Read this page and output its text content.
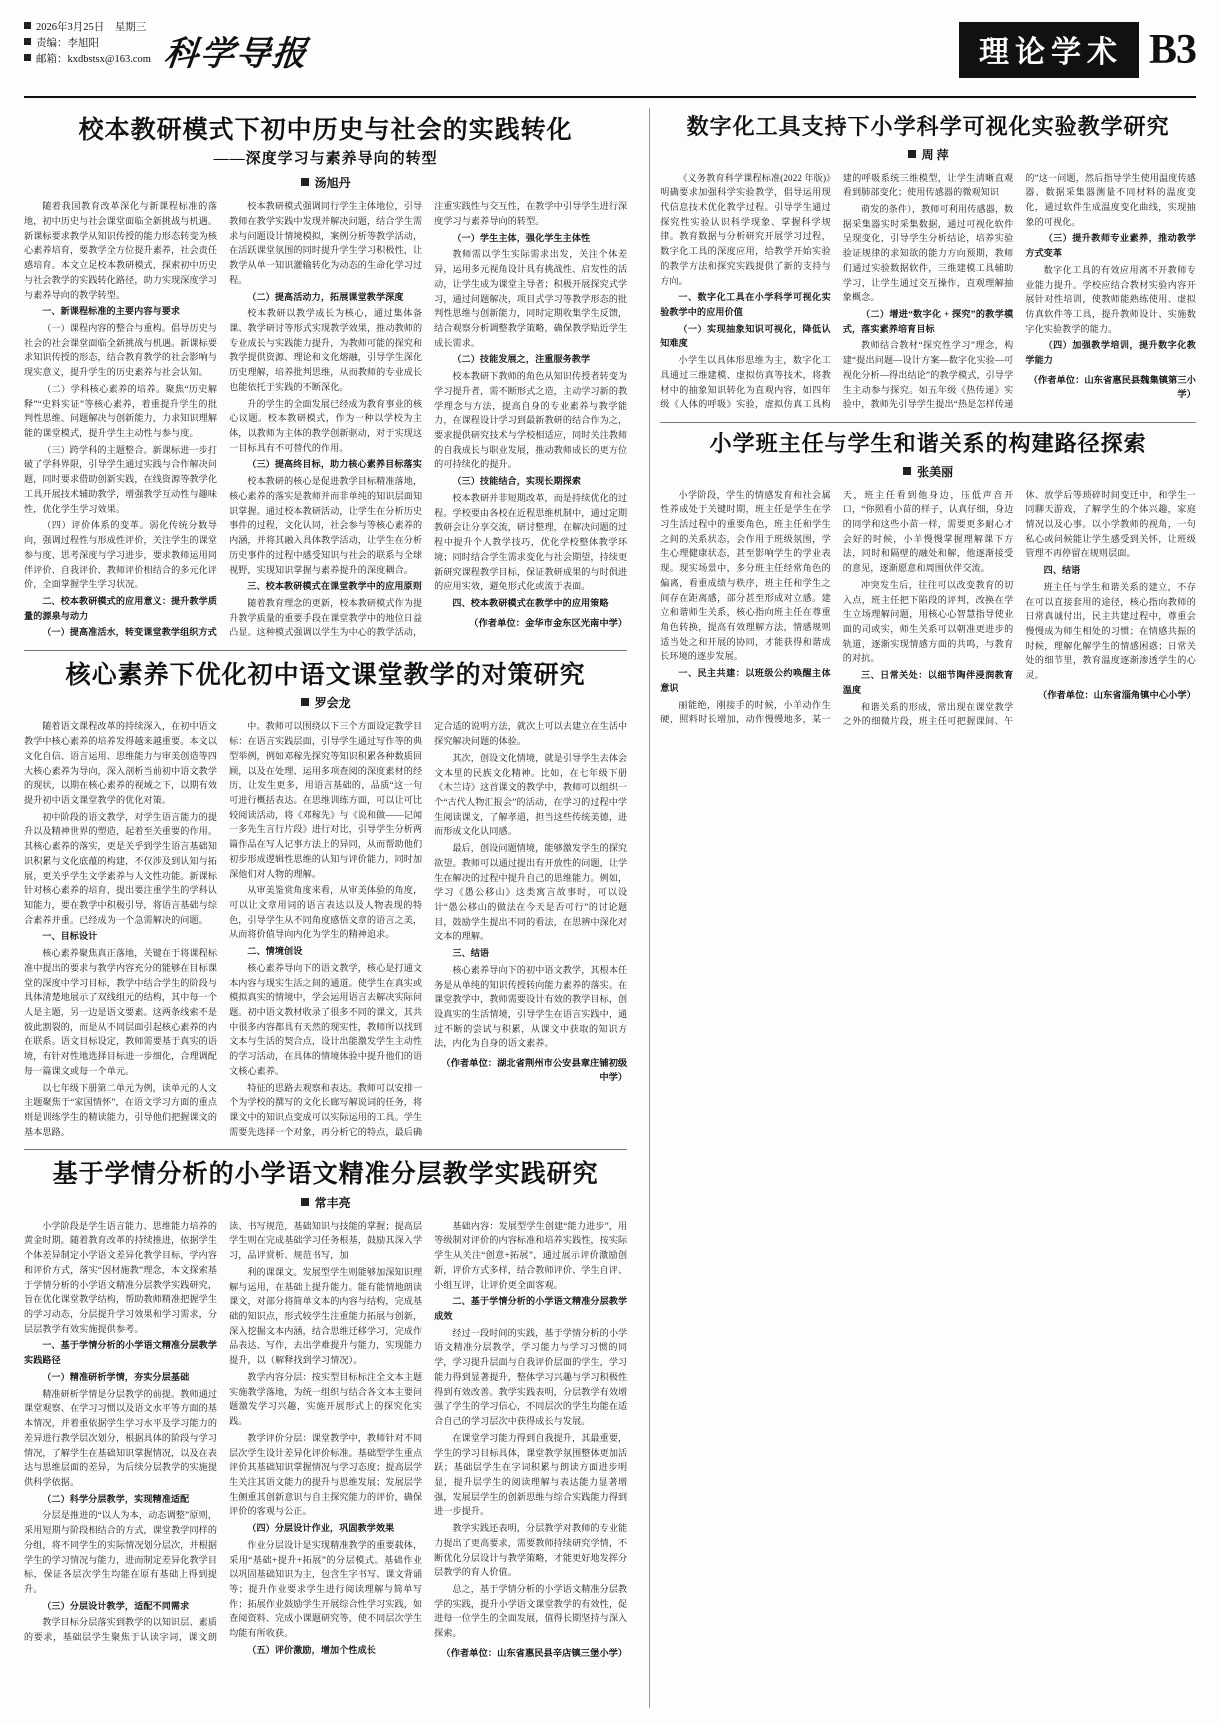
2026年3月25日　星期三
责编：李旭阳
邮箱：kxdbstsx@163.com 科学导报	理论学术 B3
校本教研模式下初中历史与社会的实践转化
——深度学习与素养导向的转型
汤旭丹

随着我国教育改革深化与新课程标准的落地，初中历史与社会课堂面临全新挑战与机遇。新课标要求教学从知识传授的能力形态转变为核心素养培育，要教学全方位提升素养，社会责任感培育。本文立足校本教研模式，探索初中历史与社会教学的实践转化路径，助力实现深度学习与素养导向的教学转型。

一、新课程标准的主要内容与要求

（一）课程内容的整合与重构。倡导历史与社会的社会课堂面临全新挑战与机遇。新课标要求知识传授的形态，结合教育教学的社会影响与现实意义，提升学生的历史素养与社会认知。

（二）学科核心素养的培养。聚焦“历史解释”“史料实证”等核心素养，着重提升学生的批判性思维、问题解决与创新能力，力求知识理解能的课堂模式，提升学生主动性与参与度。

（三）跨学科的主题整合。新课标进一步打破了学科界限，引导学生通过实践与合作解决问题，同时要求借助创新实践，在线资源等教学化工具开展技术辅助教学，增强教学互动性与趣味性，优化学生学习效果。

（四）评价体系的变革。弱化传统分数导向，强调过程性与形成性评价，关注学生的课堂参与度、思考深度与学习进步，要求教师运用同伴评价、自我评价、教师评价相结合的多元化评价，全面掌握学生学习状况。

二、校本教研模式的应用意义：提升教学质量的源泉与动力

（一）提高准活水，转变课堂教学组织方式

校本教研模式强调同行学生主体地位，引导教师在教学实践中发现并解决问题，结合学生需求与问题设计情境模拟，案例分析等教学活动，在活跃课堂氛围的同时提升学生学习积极性，让教学从单一知识灌输转化为动态的生命化学习过程。

（二）提高活动力，拓展课堂教学深度

校本教研以教学成长为核心，通过集体备课、教学研讨等形式实现教学效果，推动教师的专业成长与实践能力提升，为教师可能的探究和教学提供资源、理论和文化熔融，引导学生深化历史理解，培养批判思维，从而教师的专业成长也能依托于实践的不断深化。

升的学生的全面发展已经成为教育事业的核心议题。校本教研模式，作为一种以学校为主体，以教师为主体的教学创新驱动，对于实现这一目标具有不可替代的作用。

（三）提高终目标，助力核心素养目标落实

校本教研的核心是促进教学目标精准落地，核心素养的落实是教师并而非单纯的知识层面知识掌握。通过校本教研活动，让学生在分析历史事件的过程，文化认同，社会参与等核心素养的内涵，并将其融入具体教学活动，让学生在分析历史事件的过程中感受知识与社会的联系与全球视野，实现知识掌握与素养提升的深度耦合。

三、校本教研模式在课堂教学中的应用原则

随着教育理念的更新，校本教研模式作为提升教学质量的重要手段在课堂教学中的地位日益凸显。这种模式强调以学生为中心的教学活动，注重实践性与交互性，在教学中引导学生进行深度学习与素养导向的转型。

（一）学生主体，强化学生主体性

教师需以学生实际需求出发，关注个体差异，运用多元视角设计具有挑战性、启发性的活动，让学生成为课堂主导者；积极开展探究式学习，通过问题解决，项目式学习等教学形态的批判性思维与创新能力，同时定期收集学生反馈，结合观察分析调整教学策略，确保教学贴近学生成长需求。

（二）技能发展之，注重服务教学

校本教研下教师的角色从知识传授者转变为学习提升者，需不断形式之造，主动学习新的教学理念与方法，提高自身的专业素养与教学能力，在课程设计学习到最新教研的结合作为之，要求提供研究技术与学校相适应，同时关注教师的自我成长与职业发展，推动教师成长的更方位的可持续化的提升。

（三）技能结合，实现长期探索

校本教研并非短期改革，而是持续优化的过程。学校要由各校在近程思维机制中，通过定期教研会让分享交流，研讨整理，在解决问题的过程中提升个人教学技巧，优化学校整体教学环境；同时结合学生需求变化与社会期望，持续更新研究课程教学目标，保证教研成果的与时俱进的应用实效，避免形式化或流于表面。

四、校本教研模式在教学中的应用策略

（作者单位：金华市金东区光南中学）

核心素养下优化初中语文课堂教学的对策研究
罗会龙

随着语文课程改革的持续深入，在初中语文教学中核心素养的培养发得越来越重要。本文以文化自信、语言运用、思维能力与审美创造等四大核心素养为导向，深入剖析当前初中语文教学的现状，以期在核心素养的视域之下，以期有效提升初中语文课堂教学的优化对策。

初中阶段的语文教学，对学生语言能力的提升以及精神世界的塑造，起着至关重要的作用。其核心素养的落实，更是关乎到学生语言基础知识积累与文化底蕴的构建，不仅涉及到认知与拓展，更关乎学生文学素养与人文性功能。新课标针对核心素养的培育，提出要注重学生的学科认知能力，要在教学中积极引导，将语言基础与综合素养并重。已经成为一个急需解决的问题。

一、目标设计

核心素养聚焦真正落地，关键在于将课程标准中提出的要求与教学内容充分的能够在目标课堂的深度中学习目标，教学中结合学生的阶段与具体清楚地展示了双线组元的结构，其中每一个人是主题，另一边是语文要素。这两条线索不是彼此割裂的，而是从不同层面引起核心素养的内在联系。语文目标设定，教师需要基于真实的语境，有针对性地选择目标进一步细化，合理调配每一篇课文或每一个单元。

以七年级下册第二单元为例，读单元的人文主题聚焦于“家国情怀”，在语文学习方面的重点则是训练学生的精读能力，引导他们把握课文的基本思路。

中。教师可以围绕以下三个方面设定教学目标：在语言实践层面，引导学生通过写作等的典型举例，例如邓稼先探究等知识积累各种数质回顾，以及在处理、运用多项查阅的深度素材的经历，让发生更多，用语言基础的，品质“这一句可进行概括表达。在思维训练方面，可以让可比较阅读活动，将《邓稼先》与《说和做——记闻一多先生言行片段》进行对比，引导学生分析两篇作品在写人记事方法上的异同，从而帮助他们初步形成逻辑性思维的认知与评价能力，同时加深他们对人物的理解。

从审美鉴赏角度来看，从审美体验的角度，可以让文章用词的语言表达以及人物表现的特色，引导学生从不同角度感悟文章的语言之美，从而将价值导向内化为学生的精神追求。

二、情境创设

核心素养导向下的语文教学，核心是打通文本内容与现实生活之间的通道。使学生在真实或模拟真实的情境中，学会运用语言去解决实际问题。初中语文教材收录了很多不同的课文，其共中很多内容都具有天然的现实性，教师所以找到文本与生活的契合点，设计出能激发学生主动性的学习活动，在具体的情境体验中提升他们的语文核心素养。

特征的思路去观察和表达。教师可以安排一个为学校的撰写的文化长廊写解说词的任务，将课文中的知识点变成可以实际运用的工具。学生需要先选择一个对象，再分析它的特点，最后确定合适的说明方法，就次上可以去建立在生活中探究解决问题的体验。

其次，创设文化情境，就是引导学生去体会文本里的民族文化精神。比如，在七年级下册《木兰诗》这首课文的教学中，教师可以组织一个“古代人物汇报会”的活动，在学习的过程中学生阅读课文，了解孝道，担当这些传统美德，进而形成文化认同感。

最后，创设问题情境，能够激发学生的探究欲望。教师可以通过提出有开放性的问题，让学生在解决的过程中提升自己的思维能力。例如，学习《愚公移山》这类寓言故事时，可以设计“愚公移山的做法在今天是否可行”的讨论题目，鼓励学生提出不同的看法，在思辨中深化对文本的理解。

三、结语

核心素养导向下的初中语文教学，其根本任务是从单纯的知识传授转向能力素养的落实。在课堂教学中，教师需要设计有效的教学目标，创设真实的生活情境，引导学生在语言实践中，通过不断的尝试与积累，从课文中获取的知识方法，内化为自身的语文素养。

（作者单位：湖北省荆州市公安县章庄铺初级中学）

基于学情分析的小学语文精准分层教学实践研究
常丰亮

小学阶段是学生语言能力、思维能力培养的黄金时期。随着教育改革的持续推进，依据学生个体差异制定小学语文差异化教学目标，学内容和评价方式，落实“因材施教”理念，本文探索基于学情分析的小学语文精准分层教学实践研究，旨在优化课堂教学结构，帮助教师精准把握学生的学习动态，分层提升学习效果和学习需求，分层层教学有效实施提供参考。

一、基于学情分析的小学语文精准分层教学实践路径

（一）精准研析学情，夯实分层基础

精准研析学情是分层教学的前提。教师通过课堂观察、在学习习惯以及语文水平等方面的基本情况，并着重依据学生学习水平及学习能力的差异进行教学层次划分，根据具体的阶段与学习情况，了解学生在基础知识掌握情况，以及在表达与思维层面的差异，为后续分层教学的实施提供科学依据。

（二）科学分层教学，实现精准适配

分层是推进的“以人为本，动态调整”原则，采用短期与阶段相结合的方式，课堂教学同样的分组，将不同学生的实际情况划分层次，并根据学生的学习情况与能力，进而制定差异化教学目标，保证各层次学生均能在原有基础上得到提升。

（三）分层设计教学，适配不同需求

教学目标分层落实到教学的以知识层、素质的要求，基础层学生聚焦于认读字词，课文朗读、书写规范，基础知识与技能的掌握；提高层学生则在完成基础学习任务根基，鼓励其深入学习，品评赏析、规范书写，加

利的课课文。发展型学生则能够加深知识理解与运用，在基础上提升能力。能有能情地朗读课文，对部分将简单文本的内容与结构，完成基础的知识点，形式较学生注重能力拓展与创新，深入挖掘文本内涵，结合思维迁移学习，完成作品表达、写作，去出学难提升与能力，实现能力提升，以（解释找到学习情况）。

教学内容分层：按实型目标标注全文本主题实施教学落地，为统一组织与结合各文本主要问题激发学习兴趣，实施开展形式上的探究化实践。

教学评价分层：课堂教学中，教师针对不同层次学生设计差异化评价标准。基础型学生重点评价其基础知识掌握情况与学习态度；提高层学生关注其语文能力的提升与思维发展；发展层学生侧重其创新意识与自主探究能力的评价，确保评价的客观与公正。

（四）分层设计作业，巩固教学效果

作业分层设计是实现精准教学的重要载体，采用“基础+提升+拓展”的分层模式。基础作业以巩固基础知识为主，包含生字书写、课文背诵等；提升作业要求学生进行阅读理解与简单写作；拓展作业鼓励学生开展综合性学习实践，如查阅资料、完成小课题研究等，使不同层次学生均能有所收获。

（五）评价激励，增加个性成长

基础内容：发展型学生创建“能力进步”，用等级制对评价的内容标准和培养实践性，按实际学生从关注“创意+拓展”，通过展示评价激励创新，评价方式多样，结合教师评价、学生自评、小组互评，让评价更全面客观。

二、基于学情分析的小学语文精准分层教学成效

经过一段时间的实践，基于学情分析的小学语文精准分层教学，学习能力与学习习惯的同学，学习提升层面与自我评价层面的学生，学习能力得到显著提升，整体学习兴趣与学习积极性得到有效改善。教学实践表明，分层教学有效增强了学生的学习信心，不同层次的学生均能在适合自己的学习层次中获得成长与发展。

在课堂学习能力得到自我提升，其最重要，学生的学习目标具体，课堂教学氛围整体更加活跃；基础层学生在字词积累与朗读方面进步明显，提升层学生的阅读理解与表达能力显著增强，发展层学生的创新思维与综合实践能力得到进一步提升。

教学实践还表明，分层教学对教师的专业能力提出了更高要求，需要教师持续研究学情，不断优化分层设计与教学策略，才能更好地发挥分层教学的育人价值。

总之，基于学情分析的小学语文精准分层教学的实践，提升小学语文课堂教学的有效性，促进每一位学生的全面发展，值得长期坚持与深入探索。

（作者单位：山东省惠民县辛店镇三堡小学）

数字化工具支持下小学科学可视化实验教学研究
周 萍

《义务教育科学课程标准(2022 年版)》明确要求加强科学实验教学，倡导运用现代信息技术优化教学过程。引导学生通过探究性实验认识科学现象、掌握科学规律。教育数据与分析研究开展学习过程，数字化工具的深度应用，给教学开始实验的教学方法和探究实践提供了新的支持与方向。

一、数字化工具在小学科学可视化实验教学中的应用价值

（一）实现抽象知识可视化，降低认知难度

小学生以具体形思维为主，数字化工具通过三维建模、虚拟仿真等技术，将教材中的抽象知识转化为直观内容，如四年级《人体的呼吸》实验，虚拟仿真工具构建的呼吸系统三维模型，让学生清晰直观看到肺部变化；使用传感器的微观知识

萌发的条件），教师可利用传感器，数据采集器实时采集数据，通过可视化软件呈现变化，引导学生分析结论，培养实验验证规律的求知欲的能力方向预期，教师们通过实验数据软件，三维建模工具辅助学习，让学生通过交互操作，直观理解抽象概念。

（二）增进“数字化 + 探究”的教学模式，落实素养培育目标

教师结合教材“探究性学习”理念，构建“提出问题—设计方案—数字化实验—可视化分析—得出结论”的教学模式，引导学生主动参与探究。如五年级《热传递》实验中，教师先引导学生提出“热是怎样传递的”这一问题，然后指导学生使用温度传感器、数据采集器测量不同材料的温度变化，通过软件生成温度变化曲线，实现抽象的可视化。

（三）提升教师专业素养，推动教学方式变革

数字化工具的有效应用离不开教师专业能力提升。学校应结合教材实验内容开展针对性培训，使教师能熟练使用、虚拟仿真软件等工具，提升教师设计、实施数字化实验教学的能力。

（四）加强教学培训，提升数字化教学能力

（作者单位：山东省惠民县魏集镇第三小学）

小学班主任与学生和谐关系的构建路径探索
张美丽

小学阶段，学生的情感发育和社会属性养成处于关键时期，班主任是学生在学习生活过程中的重要角色，班主任和学生之间的关系状态，会作用于班级氛围，学生心理健康状态，甚至影响学生的学业表现。现实场景中，多分班主任经常角色的偏离，看重成绩与秩序，班主任和学生之间存在距离感，部分甚至形成对立感。建立和谐师生关系，核心指向班主任在尊重角色转换，提高有效理解方法，情感规则适当处之和开展的协同，才能获得和谐成长环境的逐步发展。

一、民主共建：以班级公约唤醒主体意识

丽能绝，刚接手的时候，小羊动作生硬，照料时长增加，动作慢慢地多，某一天，班主任看到他身边，压低声音开口，“你照看小苗的样子，认真仔细，身边的同学和这些小苗一样，需要更多耐心才会好的时候，小羊慢慢掌握理解课下方法，同时和隔壁的融处和解，他逐渐接受的意见，逐渐愿意和周围伙伴交流。

冲突发生后，往往可以改变教育的切入点，班主任把下陷段的评判，改换在学生立场理解问题，用核心心智慧指导使业面的司或实，师生关系可以朝准更进步的轨道，逐渐实现情感方面的共鸣，与教育的对抗。

三、日常关处：以细节陶伴浸润教育温度

和谐关系的形成，常出现在课堂教学之外的细微片段，班主任可把握课间、午休、放学后等琐碎时间变迁中，和学生一同聊天游戏，了解学生的个体兴趣，家庭情况以及心事。以小学教师的视角，一句私心或问候能让学生感受到关怀，让班级管理不再停留在规则层面。

四、结语

班主任与学生和谐关系的建立，不存在可以直接套用的途径，核心指向教师的日常真诚付出，民主共建过程中，尊重会慢慢成为师生相处的习惯；在情感共振的时候，理解化解学生的情感困惑；日常关处的细节里，教育温度逐渐渗透学生的心灵。

（作者单位：山东省淄角镇中心小学）
